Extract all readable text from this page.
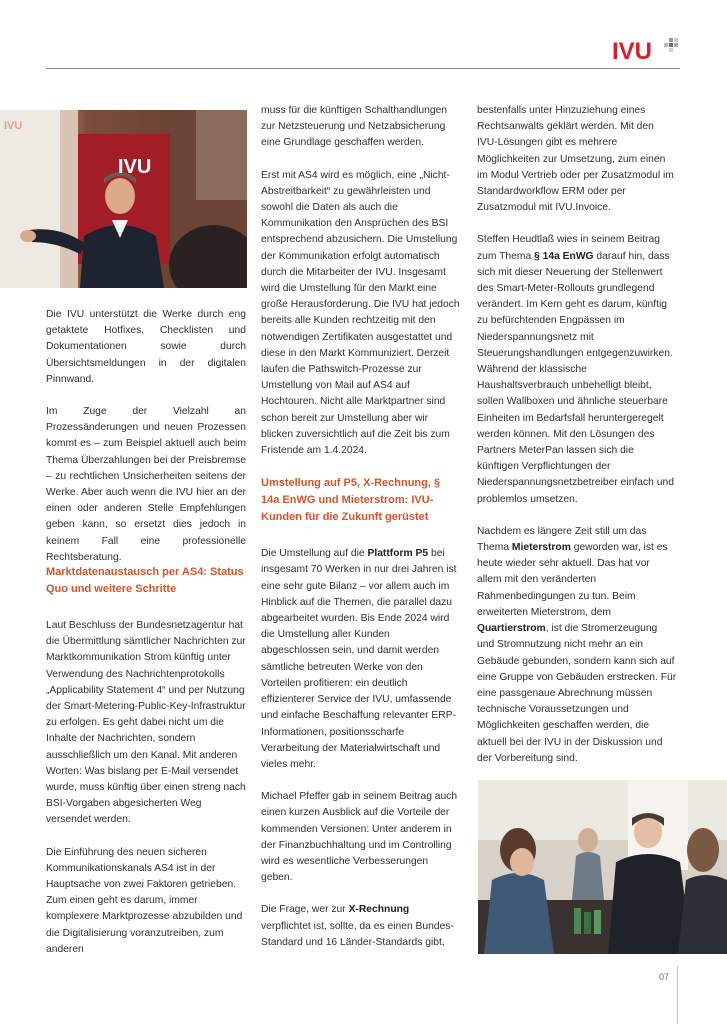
IVU
IVU
IVU

Die IVU unterstützt die Werke durch eng getaktete Hotfixes, Checklisten und Dokumentationen sowie durch Übersichtsmeldungen in der digitalen Pinnwand.

Im Zuge der Vielzahl an Prozessänderungen und neuen Prozessen kommt es – zum Beispiel aktuell auch beim Thema Überzahlungen bei der Preisbremse – zu rechtlichen Unsicherheiten seitens der Werke. Aber auch wenn die IVU hier an der einen oder anderen Stelle Empfehlungen geben kann, so ersetzt dies jedoch in keinem Fall eine professionelle Rechtsberatung.

Marktdatenaustausch per AS4: Status Quo und weitere Schritte

Laut Beschluss der Bundesnetzagentur hat die Übermittlung sämtlicher Nachrichten zur Marktkommunikation Strom künftig unter Verwendung des Nachrichtenprotokolls „Applicability Statement 4“ und per Nutzung der Smart-Metering-Public-Key-Infrastruktur zu erfolgen. Es geht dabei nicht um die Inhalte der Nachrichten, sondern ausschließlich um den Kanal. Mit anderen Worten: Was bislang per E-Mail versendet wurde, muss künftig über einen streng nach BSI-Vorgaben abgesicherten Weg versendet werden.

Die Einführung des neuen sicheren Kommunikationskanals AS4 ist in der Hauptsache von zwei Faktoren getrieben. Zum einen geht es darum, immer komplexere Marktprozesse abzubilden und die Digitalisierung voranzutreiben, zum anderen

muss für die künftigen Schalthandlungen zur Netzsteuerung und Netzabsicherung eine Grundlage geschaffen werden.

Erst mit AS4 wird es möglich, eine „Nicht-Abstreitbarkeit“ zu gewährleisten und sowohl die Daten als auch die Kommunikation den Ansprüchen des BSI entsprechend abzusichern. Die Umstellung der Kommunikation erfolgt automatisch durch die Mitarbeiter der IVU. Insgesamt wird die Umstellung für den Markt eine große Herausforderung. Die IVU hat jedoch bereits alle Kunden rechtzeitig mit den notwendigen Zertifikaten ausgestattet und diese in den Markt Kommuniziert. Derzeit laufen die Pathswitch-Prozesse zur Umstellung von Mail auf AS4 auf Hochtouren. Nicht alle Marktpartner sind schon bereit zur Umstellung aber wir blicken zuversichtlich auf die Zeit bis zum Fristende am 1.4.2024.

Umstellung auf P5, X-Rechnung, § 14a EnWG und Mieterstrom: IVU-Kunden für die Zukunft gerüstet

Die Umstellung auf die Plattform P5 bei insgesamt 70 Werken in nur drei Jahren ist eine sehr gute Bilanz – vor allem auch im Hinblick auf die Themen, die parallel dazu abgearbeitet wurden. Bis Ende 2024 wird die Umstellung aller Kunden abgeschlossen sein, und damit werden sämtliche betreuten Werke von den Vorteilen profitieren: ein deutlich effizienterer Service der IVU, umfassende und einfache Beschaffung relevanter ERP-Informationen, positionsscharfe Verarbeitung der Materialwirtschaft und vieles mehr.

Michael Pfeffer gab in seinem Beitrag auch einen kurzen Ausblick auf die Vorteile der kommenden Versionen: Unter anderem in der Finanzbuchhaltung und im Controlling wird es wesentliche Verbesserungen geben.

Die Frage, wer zur X-Rechnung verpflichtet ist, sollte, da es einen Bundes-Standard und 16 Länder-Standards gibt,

bestenfalls unter Hinzuziehung eines Rechtsanwalts geklärt werden. Mit den IVU-Lösungen gibt es mehrere Möglichkeiten zur Umsetzung, zum einen im Modul Vertrieb oder per Zusatzmodul im Standardworkflow ERM oder per Zusatzmodul mit IVU.Invoice.

Steffen Heudtlaß wies in seinem Beitrag zum Thema § 14a EnWG darauf hin, dass sich mit dieser Neuerung der Stellenwert des Smart-Meter-Rollouts grundlegend verändert. Im Kern geht es darum, künftig zu befürchtenden Engpässen im Niederspannungsnetz mit Steuerungshandlungen entgegenzuwirken. Während der klassische Haushaltsverbrauch unbehelligt bleibt, sollen Wallboxen und ähnliche steuerbare Einheiten im Bedarfsfall heruntergeregelt werden können. Mit den Lösungen des Partners MeterPan lassen sich die künftigen Verpflichtungen der Niederspannungsnetzbetreiber einfach und problemlos umsetzen.

Nachdem es längere Zeit still um das Thema Mieterstrom geworden war, ist es heute wieder sehr aktuell. Das hat vor allem mit den veränderten Rahmenbedingungen zu tun. Beim erweiterten Mieterstrom, dem Quartierstrom, ist die Stromerzeugung und Stromnutzung nicht mehr an ein Gebäude gebunden, sondern kann sich auf eine Gruppe von Gebäuden erstrecken. Für eine passgenaue Abrechnung müssen technische Voraussetzungen und Möglichkeiten geschaffen werden, die aktuell bei der IVU in der Diskussion und der Vorbereitung sind.

07
